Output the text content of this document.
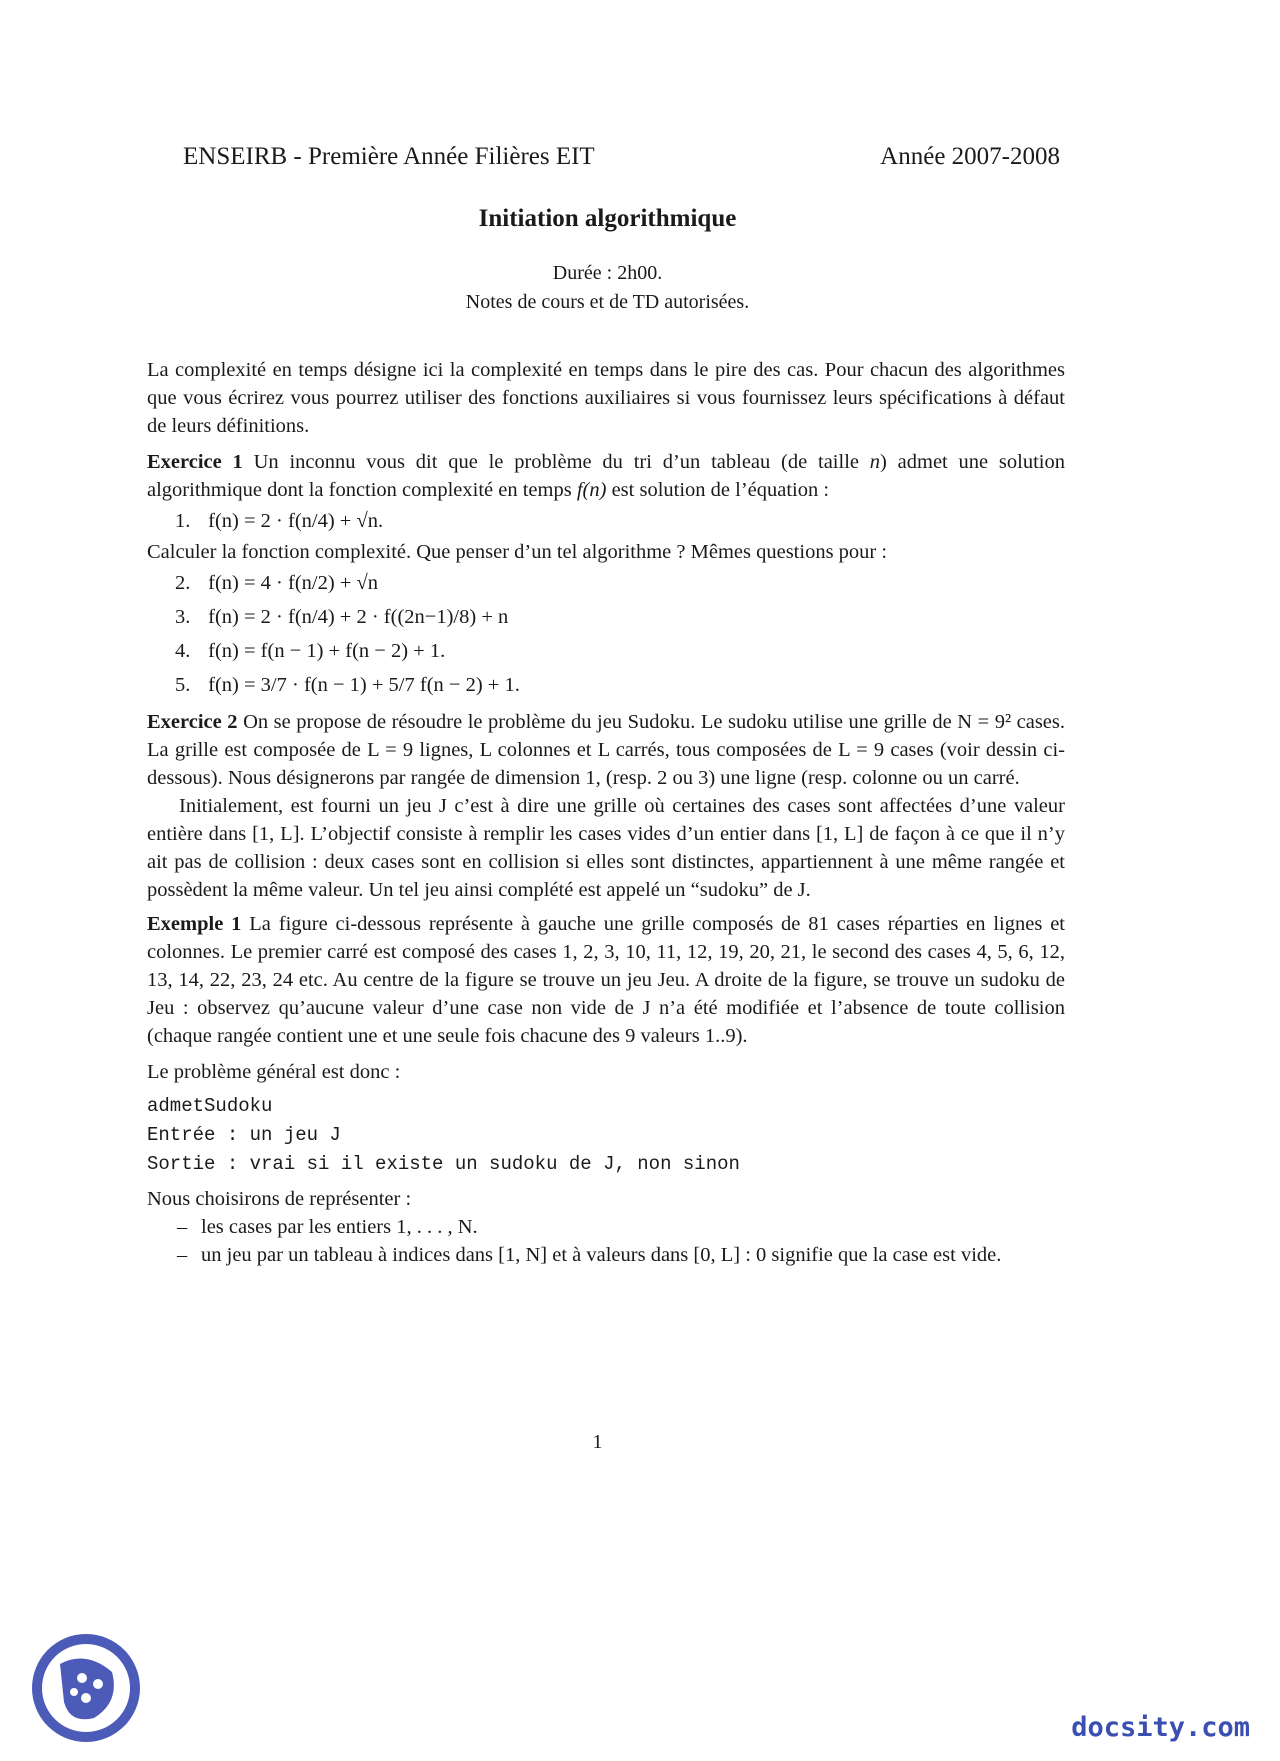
ENSEIRB - Première Année Filières EIT	Année 2007-2008
Initiation algorithmique
Durée : 2h00.
Notes de cours et de TD autorisées.

La complexité en temps désigne ici la complexité en temps dans le pire des cas. Pour chacun des algorithmes que vous écrirez vous pourrez utiliser des fonctions auxiliaires si vous fournissez leurs spécifications à défaut de leurs définitions.

Exercice 1 Un inconnu vous dit que le problème du tri d’un tableau (de taille n) admet une solution algorithmique dont la fonction complexité en temps f(n) est solution de l’équation :

1. f(n) = 2 · f(n/4) + √n.

Calculer la fonction complexité. Que penser d’un tel algorithme ? Mêmes questions pour :

2. f(n) = 4 · f(n/2) + √n
3. f(n) = 2 · f(n/4) + 2 · f((2n−1)/8) + n
4. f(n) = f(n − 1) + f(n − 2) + 1.
5. f(n) = 3/7 · f(n − 1) + 5/7 f(n − 2) + 1.

Exercice 2 On se propose de résoudre le problème du jeu Sudoku. Le sudoku utilise une grille de N = 9² cases. La grille est composée de L = 9 lignes, L colonnes et L carrés, tous composées de L = 9 cases (voir dessin ci-dessous). Nous désignerons par rangée de dimension 1, (resp. 2 ou 3) une ligne (resp. colonne ou un carré.

Initialement, est fourni un jeu J c’est à dire une grille où certaines des cases sont affectées d’une valeur entière dans [1, L]. L’objectif consiste à remplir les cases vides d’un entier dans [1, L] de façon à ce que il n’y ait pas de collision : deux cases sont en collision si elles sont distinctes, appartiennent à une même rangée et possèdent la même valeur. Un tel jeu ainsi complété est appelé un “sudoku” de J.

Exemple 1 La figure ci-dessous représente à gauche une grille composés de 81 cases réparties en lignes et colonnes. Le premier carré est composé des cases 1, 2, 3, 10, 11, 12, 19, 20, 21, le second des cases 4, 5, 6, 12, 13, 14, 22, 23, 24 etc. Au centre de la figure se trouve un jeu Jeu. A droite de la figure, se trouve un sudoku de Jeu : observez qu’aucune valeur d’une case non vide de J n’a été modifiée et l’absence de toute collision (chaque rangée contient une et une seule fois chacune des 9 valeurs 1..9).

Le problème général est donc :

admetSudoku
Entrée : un jeu J
Sortie : vrai si il existe un sudoku de J, non sinon

Nous choisirons de représenter :

– les cases par les entiers 1, . . . , N.
– un jeu par un tableau à indices dans [1, N] et à valeurs dans [0, L] : 0 signifie que la case est vide.
1
docsity.com
